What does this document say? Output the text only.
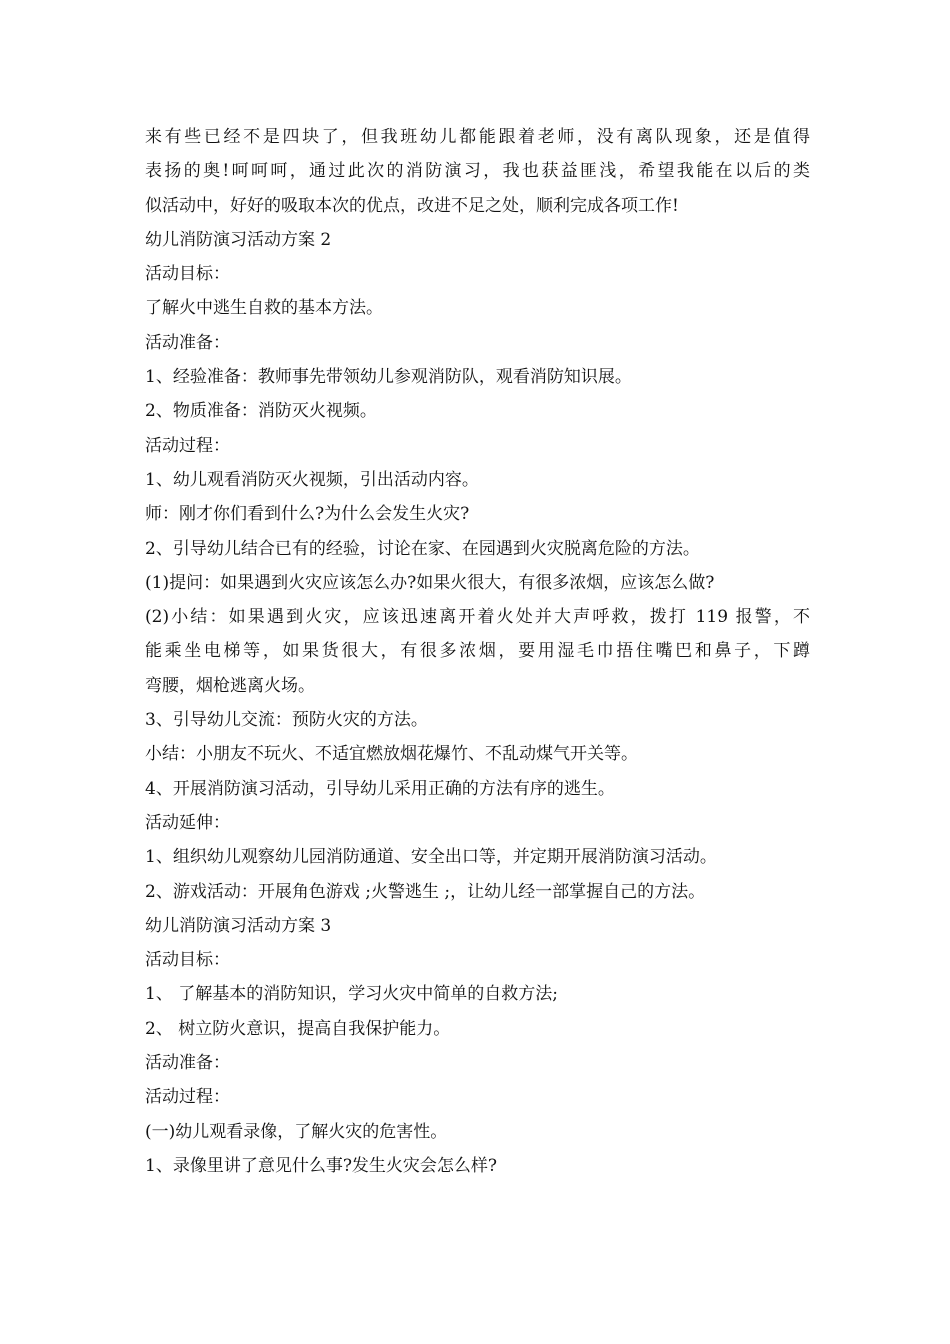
来有些已经不是四块了，但我班幼儿都能跟着老师，没有离队现象，还是值得
表扬的奥!呵呵呵，通过此次的消防演习，我也获益匪浅，希望我能在以后的类
似活动中，好好的吸取本次的优点，改进不足之处，顺利完成各项工作!
幼儿消防演习活动方案 2
活动目标：
了解火中逃生自救的基本方法。
活动准备：
1、经验准备：教师事先带领幼儿参观消防队，观看消防知识展。
2、物质准备：消防灭火视频。
活动过程：
1、幼儿观看消防灭火视频，引出活动内容。
师：刚才你们看到什么?为什么会发生火灾?
2、引导幼儿结合已有的经验，讨论在家、在园遇到火灾脱离危险的方法。
(1)提问：如果遇到火灾应该怎么办?如果火很大，有很多浓烟，应该怎么做?
(2)小结：如果遇到火灾，应该迅速离开着火处并大声呼救，拨打 119 报警，不
能乘坐电梯等，如果货很大，有很多浓烟，要用湿毛巾捂住嘴巴和鼻子，下蹲
弯腰，烟枪逃离火场。
3、引导幼儿交流：预防火灾的方法。
小结：小朋友不玩火、不适宜燃放烟花爆竹、不乱动煤气开关等。
4、开展消防演习活动，引导幼儿采用正确的方法有序的逃生。
活动延伸：
1、组织幼儿观察幼儿园消防通道、安全出口等，并定期开展消防演习活动。
2、游戏活动：开展角色游戏 ;火警逃生 ;，让幼儿经一部掌握自己的方法。
幼儿消防演习活动方案 3
活动目标：
1、 了解基本的消防知识，学习火灾中简单的自救方法;
2、 树立防火意识，提高自我保护能力。
活动准备：
活动过程：
(一)幼儿观看录像，了解火灾的危害性。
1、录像里讲了意见什么事?发生火灾会怎么样?
